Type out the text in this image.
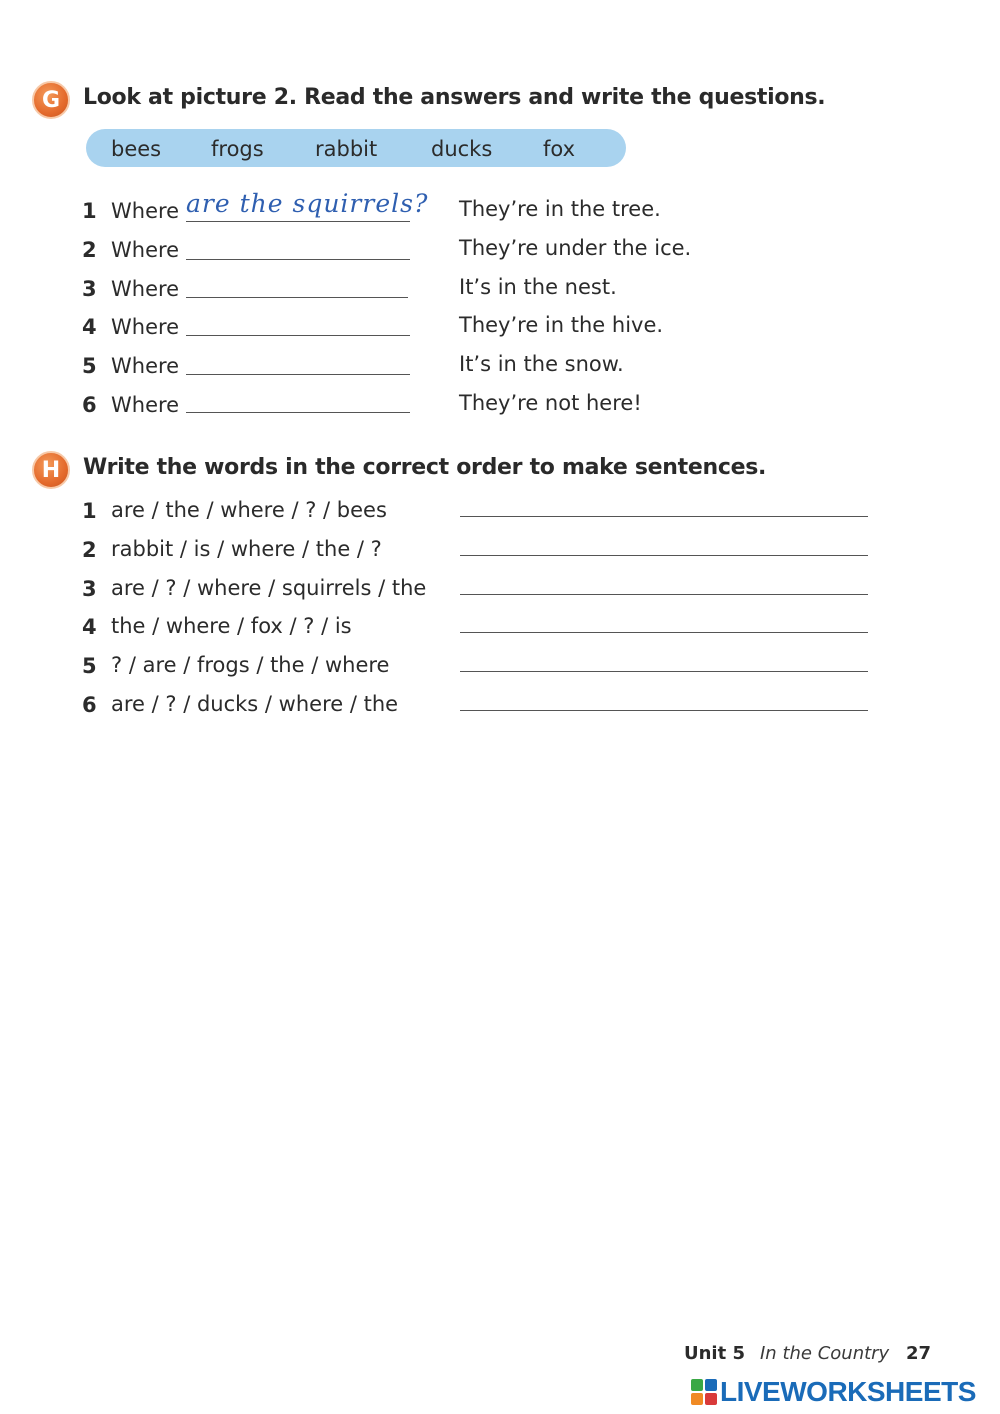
G Look at picture 2. Read the answers and write the questions.
bees frogs rabbit	ducks fox
1 Where are the squirrels? They’re in the tree.
2 Where	They’re under the ice.
3 Where	It’s in the nest.
4 Where	They’re in the hive.
5 Where	It’s in the snow.
6 Where	They’re not here!
H Write the words in the correct order to make sentences.
1 are / the / where / ? / bees
2 rabbit / is / where / the / ?
3 are / ? / where / squirrels / the
4 the / where / fox / ? / is
5 ? / are / frogs / the / where
6 are / ? / ducks / where / the
Unit 5 In the Country 27
LIVEWORKSHEETS
